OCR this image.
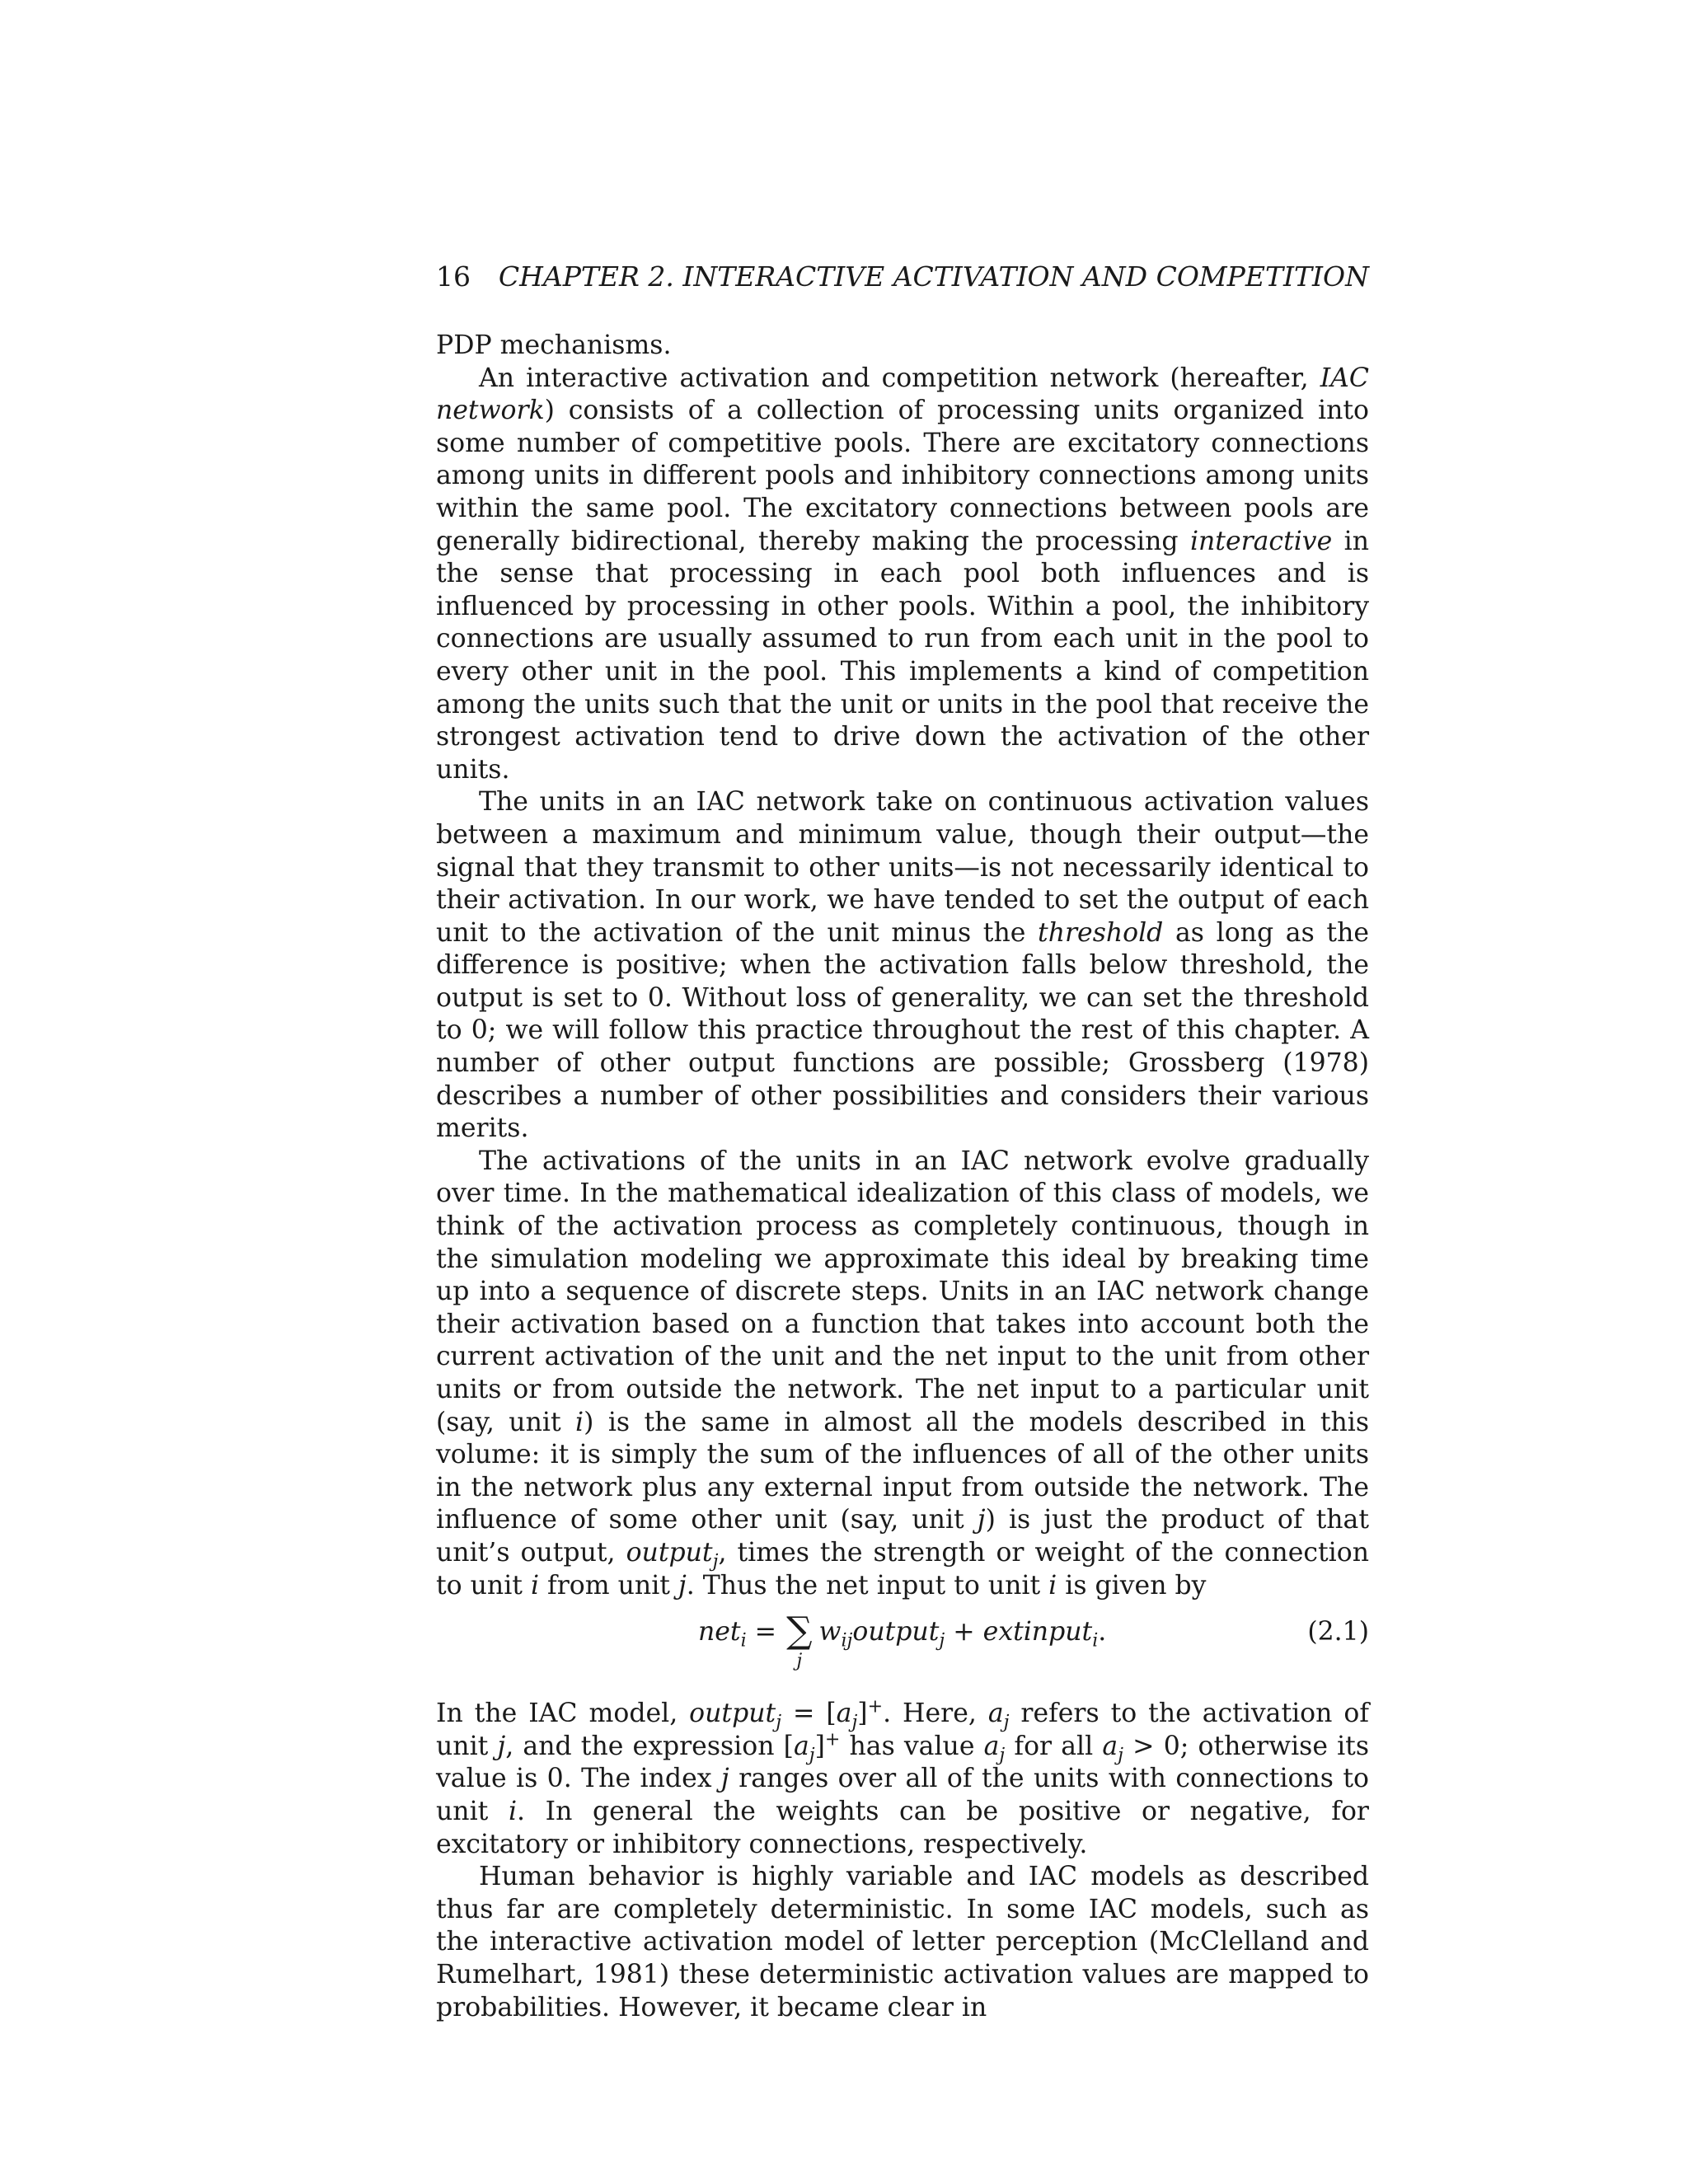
16 CHAPTER 2. INTERACTIVE ACTIVATION AND COMPETITION

PDP mechanisms.

An interactive activation and competition network (hereafter, IAC network) consists of a collection of processing units organized into some number of competitive pools. There are excitatory connections among units in different pools and inhibitory connections among units within the same pool. The excitatory connections between pools are generally bidirectional, thereby making the processing interactive in the sense that processing in each pool both influences and is influenced by processing in other pools. Within a pool, the inhibitory connections are usually assumed to run from each unit in the pool to every other unit in the pool. This implements a kind of competition among the units such that the unit or units in the pool that receive the strongest activation tend to drive down the activation of the other units.

The units in an IAC network take on continuous activation values between a maximum and minimum value, though their output—the signal that they transmit to other units—is not necessarily identical to their activation. In our work, we have tended to set the output of each unit to the activation of the unit minus the threshold as long as the difference is positive; when the activation falls below threshold, the output is set to 0. Without loss of generality, we can set the threshold to 0; we will follow this practice throughout the rest of this chapter. A number of other output functions are possible; Grossberg (1978) describes a number of other possibilities and considers their various merits.

The activations of the units in an IAC network evolve gradually over time. In the mathematical idealization of this class of models, we think of the activation process as completely continuous, though in the simulation modeling we approximate this ideal by breaking time up into a sequence of discrete steps. Units in an IAC network change their activation based on a function that takes into account both the current activation of the unit and the net input to the unit from other units or from outside the network. The net input to a particular unit (say, unit i) is the same in almost all the models described in this volume: it is simply the sum of the influences of all of the other units in the network plus any external input from outside the network. The influence of some other unit (say, unit j) is just the product of that unit’s output, output$_j$, times the strength or weight of the connection to unit i from unit j. Thus the net input to unit i is given by

net$_i$ = ∑
j
$w_{ij}output_j$ + extinput$_i$ .	(2.1)

In the IAC model, output$_j$ = $[a_j]^+$. Here, $a_j$ refers to the activation of unit j, and the expression $[a_j]^+$ has value $a_j$ for all $a_j > 0$; otherwise its value is 0. The index j ranges over all of the units with connections to unit i. In general the weights can be positive or negative, for excitatory or inhibitory connections, respectively.

Human behavior is highly variable and IAC models as described thus far are completely deterministic. In some IAC models, such as the interactive activation model of letter perception (McClelland and Rumelhart, 1981) these deterministic activation values are mapped to probabilities. However, it became clear in
